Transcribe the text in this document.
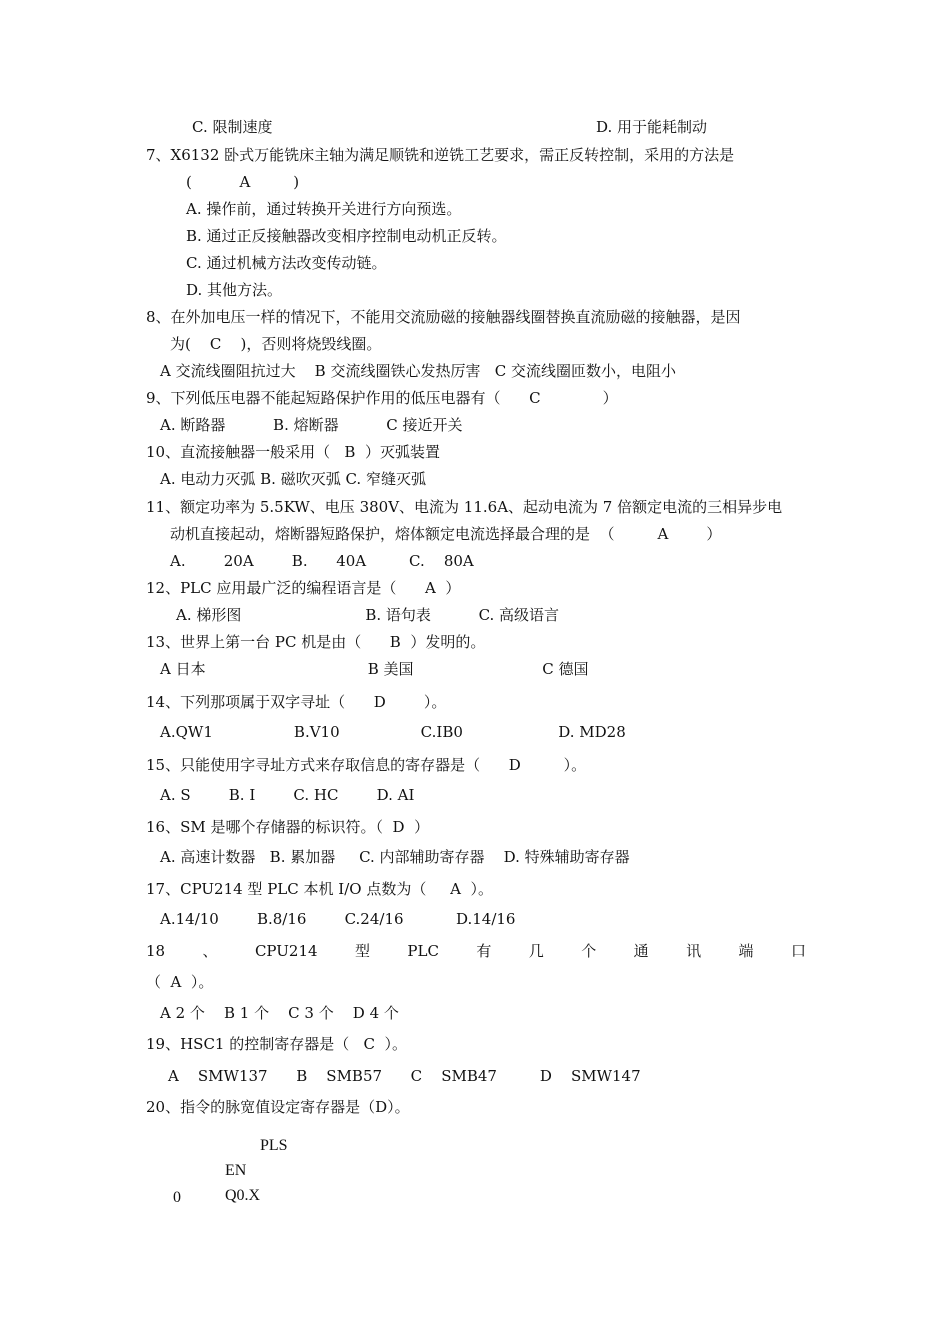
C. 限制速度	D. 用于能耗制动
7、X6132 卧式万能铣床主轴为满足顺铣和逆铣工艺要求，需正反转控制，采用的方法是
(          A         )
A. 操作前，通过转换开关进行方向预选。
B. 通过正反接触器改变相序控制电动机正反转。
C. 通过机械方法改变传动链。
D. 其他方法。
8、在外加电压一样的情况下，不能用交流励磁的接触器线圈替换直流励磁的接触器，是因
为(    C    )，否则将烧毁线圈。
A 交流线圈阻抗过大    B 交流线圈铁心发热厉害   C 交流线圈匝数小，电阻小
9、下列低压电器不能起短路保护作用的低压电器有（      C             ）
A. 断路器          B. 熔断器          C 接近开关
10、直流接触器一般采用（   B  ）灭弧装置
A. 电动力灭弧 B. 磁吹灭弧 C. 窄缝灭弧
11、额定功率为 5.5KW、电压 380V、电流为 11.6A、起动电流为 7 倍额定电流的三相异步电
动机直接起动，熔断器短路保护，熔体额定电流选择最合理的是  （         A        ）
A.        20A        B.      40A         C.    80A
12、PLC 应用最广泛的编程语言是（      A  ）
A. 梯形图                          B. 语句表          C. 高级语言
13、世界上第一台 PC 机是由（      B  ）发明的。
A 日本                                  B 美国                           C 德国
14、下列那项属于双字寻址（      D        ）。
A.QW1                 B.V10                 C.IB0                    D. MD28
15、只能使用字寻址方式来存取信息的寄存器是（      D         ）。
A. S        B. I        C. HC        D. AI
16、SM 是哪个存储器的标识符。（  D  ）
A. 高速计数器   B. 累加器     C. 内部辅助寄存器    D. 特殊辅助寄存器
17、CPU214 型 PLC 本机 I/O 点数为（     A  ）。
A.14/10        B.8/16        C.24/16           D.14/16
18 、 CPU214 型 PLC 有 几 个 通 讯 端 口
（  A  ）。
A 2 个    B 1 个    C 3 个    D 4 个
19、HSC1 的控制寄存器是（   C  ）。
A    SMW137      B    SMB57      C    SMB47         D    SMW147
20、指令的脉宽值设定寄存器是（D）。
PLS
EN
0	Q0.X
